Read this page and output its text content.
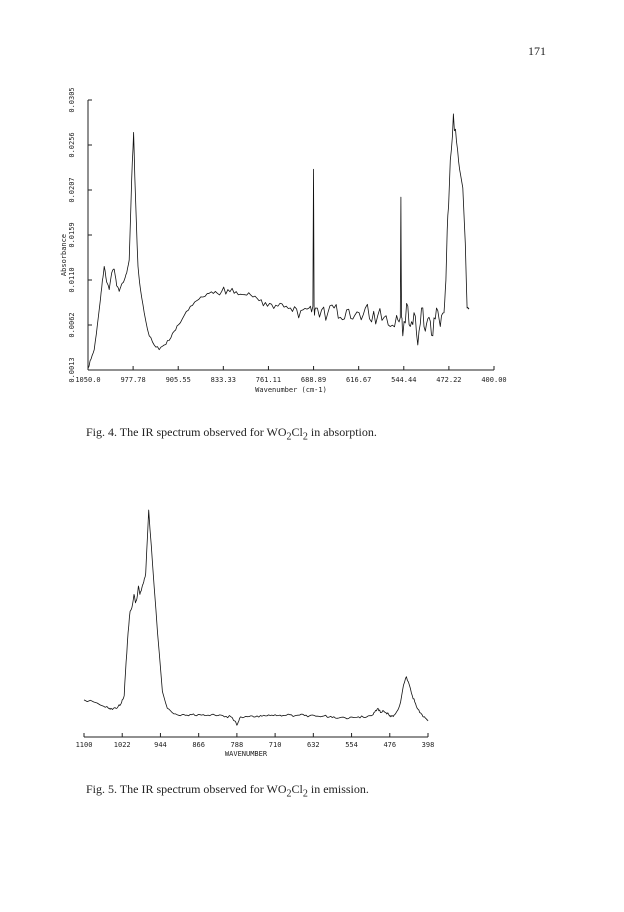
171
1050.0	977.78	905.55	833.33	761.11	688.89	616.67	544.44	472.22	400.00
0.0013
0.0062
0.0110
0.0159
0.0207
0.0256
0.0305
Wavenumber (cm-1)
Absorbance
Fig. 4. The IR spectrum observed for $WO_2Cl_2$ in absorption.
1100	1022	944	866	788	710	632	554	476	398
WAVENUMBER
Fig. 5. The IR spectrum observed for $WO_2Cl_2$ in emission.
